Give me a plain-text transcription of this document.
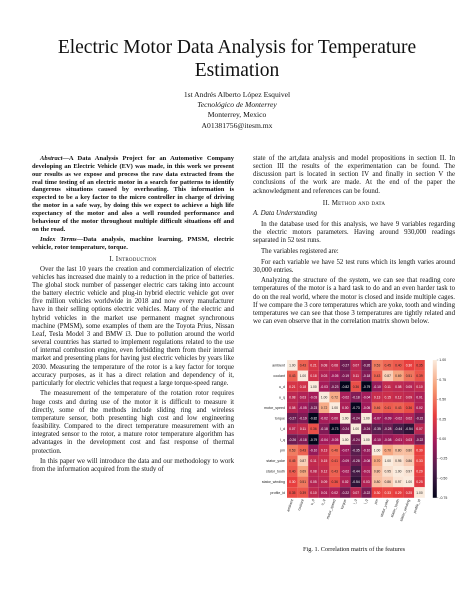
Electric Motor Data Analysis for Temperature Estimation
1st Andrés Alberto López Esquivel
Tecnológico de Monterrey
Monterrey, Mexico
A01381756@itesm.mx

Abstract—A Data Analysis Project for an Automotive Company developing an Electric Vehicle (EV) was made, in this work we present our results as we expose and process the raw data extracted from the real time testing of an electric motor in a search for patterns to identify dangerous situations caused by overheating. This information is expected to be a key factor to the micro controller in charge of driving the motor in a safe way, by doing this we expect to achieve a high life expectancy of the motor and also a well rounded performance and behaviour of the motor throughout multiple difficult situations off and on the road.

Index Terms—Data analysis, machine learning, PMSM, electric vehicle, rotor temperature, torque.

I. Introduction

Over the last 10 years the creation and commercialization of electric vehicles has increased due mainly to a reduction in the price of batteries. The global stock number of passenger electric cars taking into account the battery electric vehicle and plug-in hybrid electric vehicle got over five million vehicles worldwide in 2018 and now every manufacturer have in their selling options electric vehicles. Many of the electric and hybrid vehicles in the market use permanent magnet synchronous machine (PMSM), some examples of them are the Toyota Prius, Nissan Leaf, Tesla Model 3 and BMW i3. Due to pollution around the world several countries has started to implement regulations related to the use of internal combustion engine, even forbidding them from their internal market and presenting plans for having just electric vehicles by years like 2030. Measuring the temperature of the rotor is a key factor for torque accuracy purposes, as it has a direct relation and dependency of it, particularly for electric vehicles that request a large torque-speed range.

The measurement of the temperature of the rotation rotor requires huge costs and during use of the motor it is difficult to measure it directly, some of the methods include sliding ring and wireless temperature sensor, both presenting high cost and low engineering feasibility. Compared to the direct temperature measurement with an integrated sensor to the rotor, a mature rotor temperature algorithm has advantages in the development cost and fast response of thermal protection.

In this paper we will introduce the data and our methodology to work from the information acquired from the study of

state of the art,data analysis and model propositions in section II. In section III the results of the experimentation can be found. The discussion part is located in section IV and finally in section V the conclusions of the work are made. At the end of the paper the acknowledgment and references can be found.

II. Method and data

A. Data Understanding

In the database used for this analysis, we have 9 variables regarding the electric motors parameters. Having around 930,000 readings separated in 52 test runs.

The variables registered are:

For each variable we have 52 test runs which its length varies around 30,000 entries.

Analyzing the structure of the system, we can see that reading core temperatures of the motor is a hard task to do and an even harder task to do on the real world, where the motor is closed and inside multiple cages. If we compare the 3 core temperatures which are yoke, tooth and winding temperatures we can see that those 3 temperatures are tightly related and we can even observe that in the correlation matrix shown below.

1.00 0.43 0.21 0.08 0.08 -0.27 0.07 -0.26 0.53 0.45 0.40 0.30 0.35
0.43 1.00 0.18 0.03 -0.05 -0.19 0.11 -0.18 0.43 0.87 0.69 0.51 0.39
0.21 0.18 1.00 -0.03 -0.23 -0.82 0.36 -0.79 -0.10 0.11 0.08 0.05 0.10
0.08 0.03 -0.03 1.00 0.72 -0.02 -0.18 -0.04 0.13 0.15 0.12 0.09 0.01
0.08 -0.05 -0.23 0.72 1.00 0.00 -0.73 -0.05 0.46 0.41 0.43 0.36 0.02
-0.27 -0.19 -0.82 -0.02 0.00 1.00 -0.24 1.00 -0.07 -0.09 -0.02 0.02 -0.22
0.07 0.11 0.36 -0.18 -0.73 -0.24 1.00 -0.24 -0.35 -0.28 -0.44 -0.54 0.07
-0.26 -0.18 -0.79 -0.04 -0.05 1.00 -0.24 1.00 -0.10 -0.08 -0.01 0.03 -0.22
0.53 0.43 -0.10 0.13 0.46 -0.07 -0.35 -0.10 1.00 0.70 0.80 0.80 0.30
0.45 0.87 0.11 0.15 0.41 -0.09 -0.28 -0.08 0.70 1.00 0.95 0.86 0.33
0.40 0.69 0.08 0.12 0.43 -0.02 -0.44 -0.01 0.80 0.95 1.00 0.97 0.29
0.30 0.51 0.05 0.09 0.36 0.02 -0.54 0.03 0.80 0.86 0.97 1.00 0.25
0.35 0.39 0.10 0.01 0.02 -0.22 0.07 -0.22 0.30 0.33 0.29 0.25 1.00
ambient
coolant
u_d
u_q
motor_speed
torque
i_d
i_q
pm
stator_yoke
stator_tooth
stator_winding
profile_id
ambient coolant u_d u_q motor_speed torque i_d i_q pm stator_yoke stator_tooth
stator_winding profile_id
1.00
0.75
0.50
0.25
0.00
-0.25
-0.50
-0.75
Fig. 1. Correlation matrix of the features
